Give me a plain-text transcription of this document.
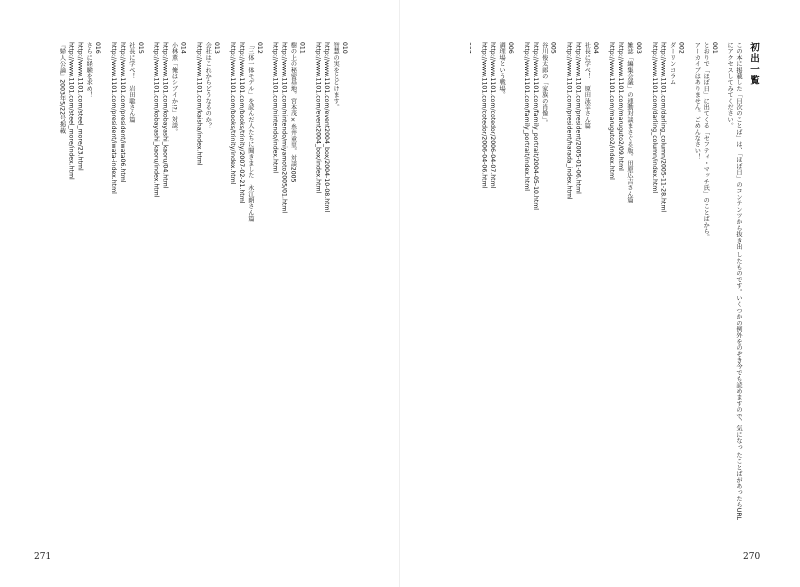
010
智慧の実をとどけます。
http://www.1101.com/event2004_box/2004-10-08.html
http://www.1101.com/event2004_box/index.html
011
樹の上の秘密基地。宮本茂×糸井重里。対談2005
http://www.1101.com/nintendo/miyamoto2005/01.html
http://www.1101.com/nintendo/index.html
012
「三体一体モデル」を読んだ人たちに聞きました　永江朗さん篇
http://www.1101.com/books/trinity/2007-02-21.html
http://www.1101.com/books/trinity/index.html
013
会社はこれからどうなるのか？
http://www.1101.com/kaisha/index.html
014
小林薫「俺はシブイか!?」対談。
http://www.1101.com/kobayashi_kaoru/04.html
http://www.1101.com/kobayashi_kaoru/index.html
015
社長に学べ！　岩田聡さん篇
http://www.1101.com/president/iwata06.html
http://www.1101.com/president/iwata-index.html
016
さらに経験を求め！
http://www.1101.com/steel_more/23.html
http://www.1101.com/steel_more/index.html
『婦人公論』2003年5/22号掲載
271
初出一覧
この本に掲載した「目次のことば」は、「ほぼ日」のコンテンツから抜き出 したものです。いくつかの例外をのぞき今でも読めますので、気になっ たことばがあったらURLにアクセスしてみてください。
001
とおりで「ほぼ日」に出てくる「セフティ・マッチ氏」のことばから。
アーカイブはありません。ごめんなさい！
002
ダーリンコラム
http://www.1101.com/darling_column/2005-11-28.html
http://www.1101.com/darling_column/index.html
003
雑誌「編集会議」の連動対談まさぐる版。田原広吉さん篇
http://www.1101.com/maruguto2/09.html
http://www.1101.com/maruguto2/index.html
004
社長に学べ！　原田泳幸さん篇
http://www.1101.com/president/2005-01-06.html
http://www.1101.com/president/harada_index.html
005
谷川俊太郎の「家族の肖像」。
http://www.1101.com/family_portrait/2004-05-10.html
http://www.1101.com/family_portrait/index.html
006
調理場という戦場。
http://www.1101.com/cotedor/2006-04-07.html
http://www.1101.com/cotedor/2006-04-06.html
270
